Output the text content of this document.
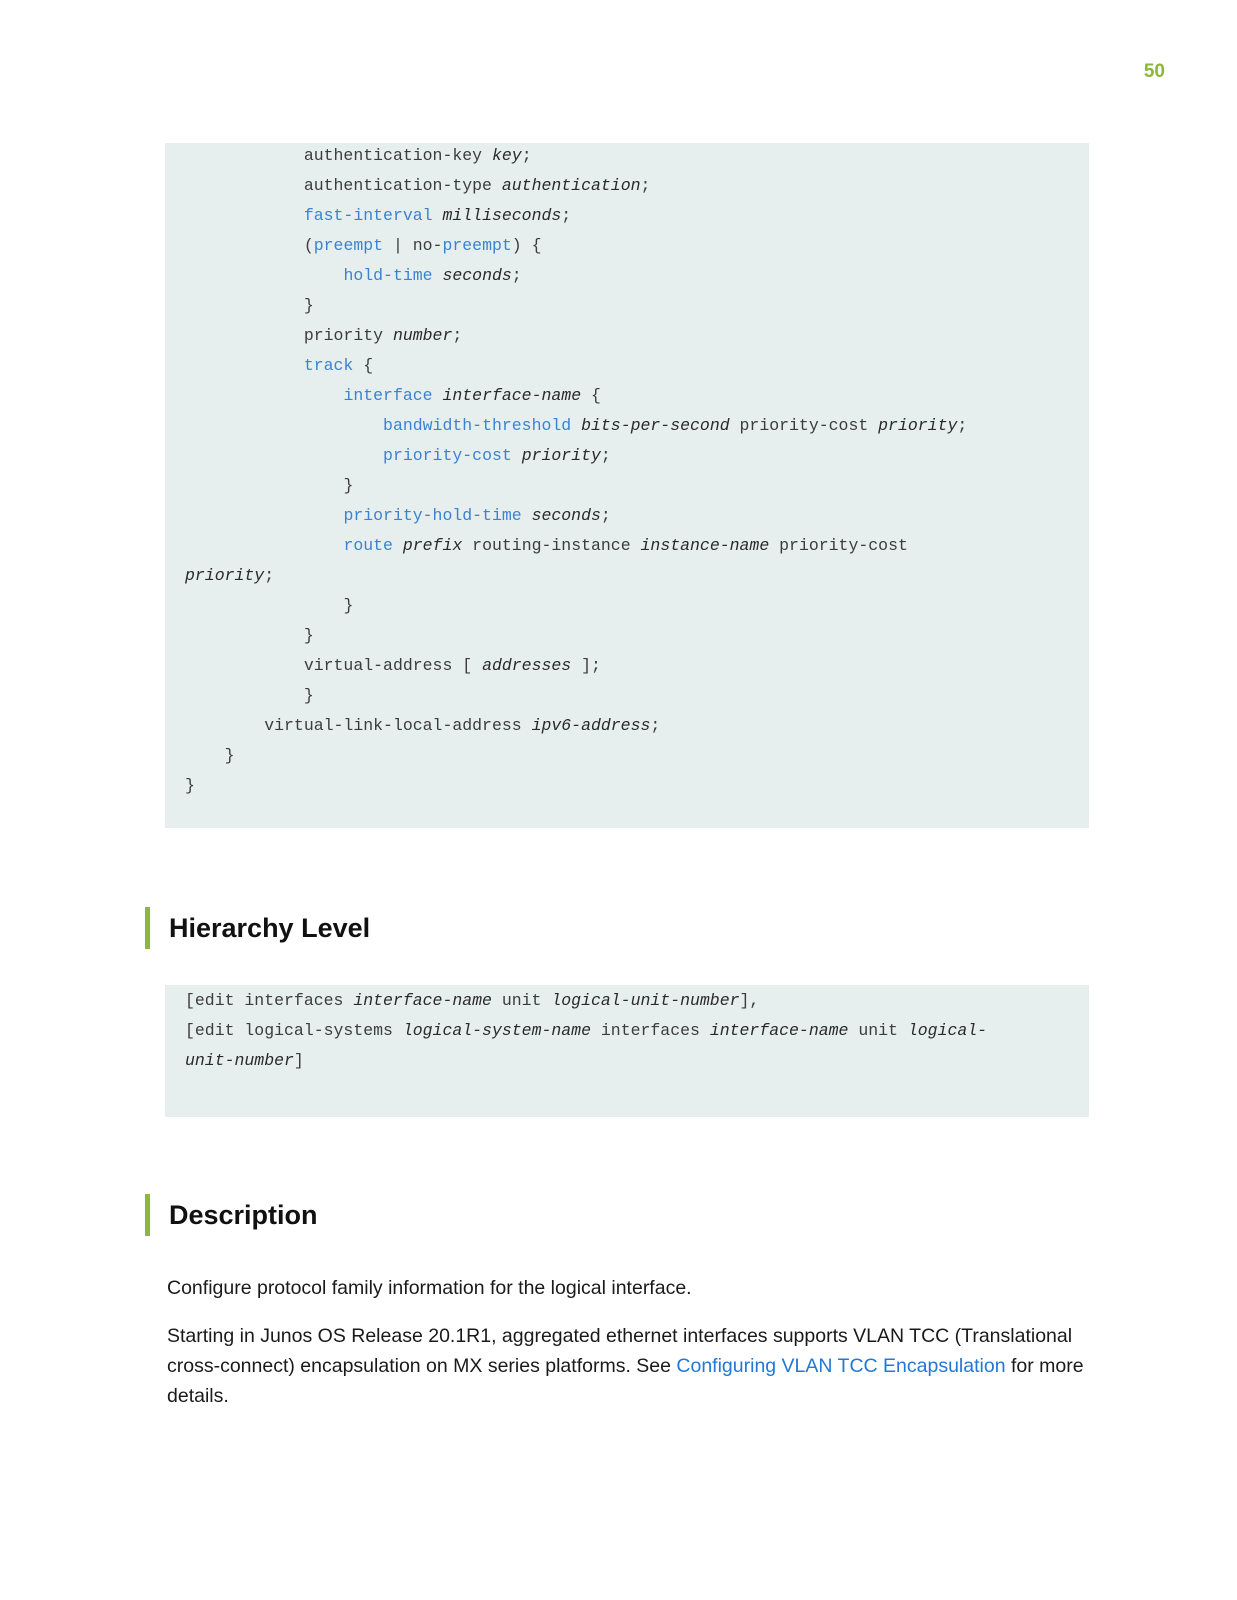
50
authentication-key key;
authentication-type authentication;
fast-interval milliseconds;
(preempt | no-preempt) {
hold-time seconds;
}
priority number;
track {
interface interface-name {
bandwidth-threshold bits-per-second priority-cost priority;
priority-cost priority;
}
priority-hold-time seconds;
route prefix routing-instance instance-name priority-cost
priority;
}
}
virtual-address [ addresses ];
}
virtual-link-local-address ipv6-address;
}
}
Hierarchy Level
[edit interfaces interface-name unit logical-unit-number],
[edit logical-systems logical-system-name interfaces interface-name unit logical-
unit-number]
Description

Configure protocol family information for the logical interface.

Starting in Junos OS Release 20.1R1, aggregated ethernet interfaces supports VLAN TCC (Translational cross-connect) encapsulation on MX series platforms. See Configuring VLAN TCC Encapsulation for more details.
